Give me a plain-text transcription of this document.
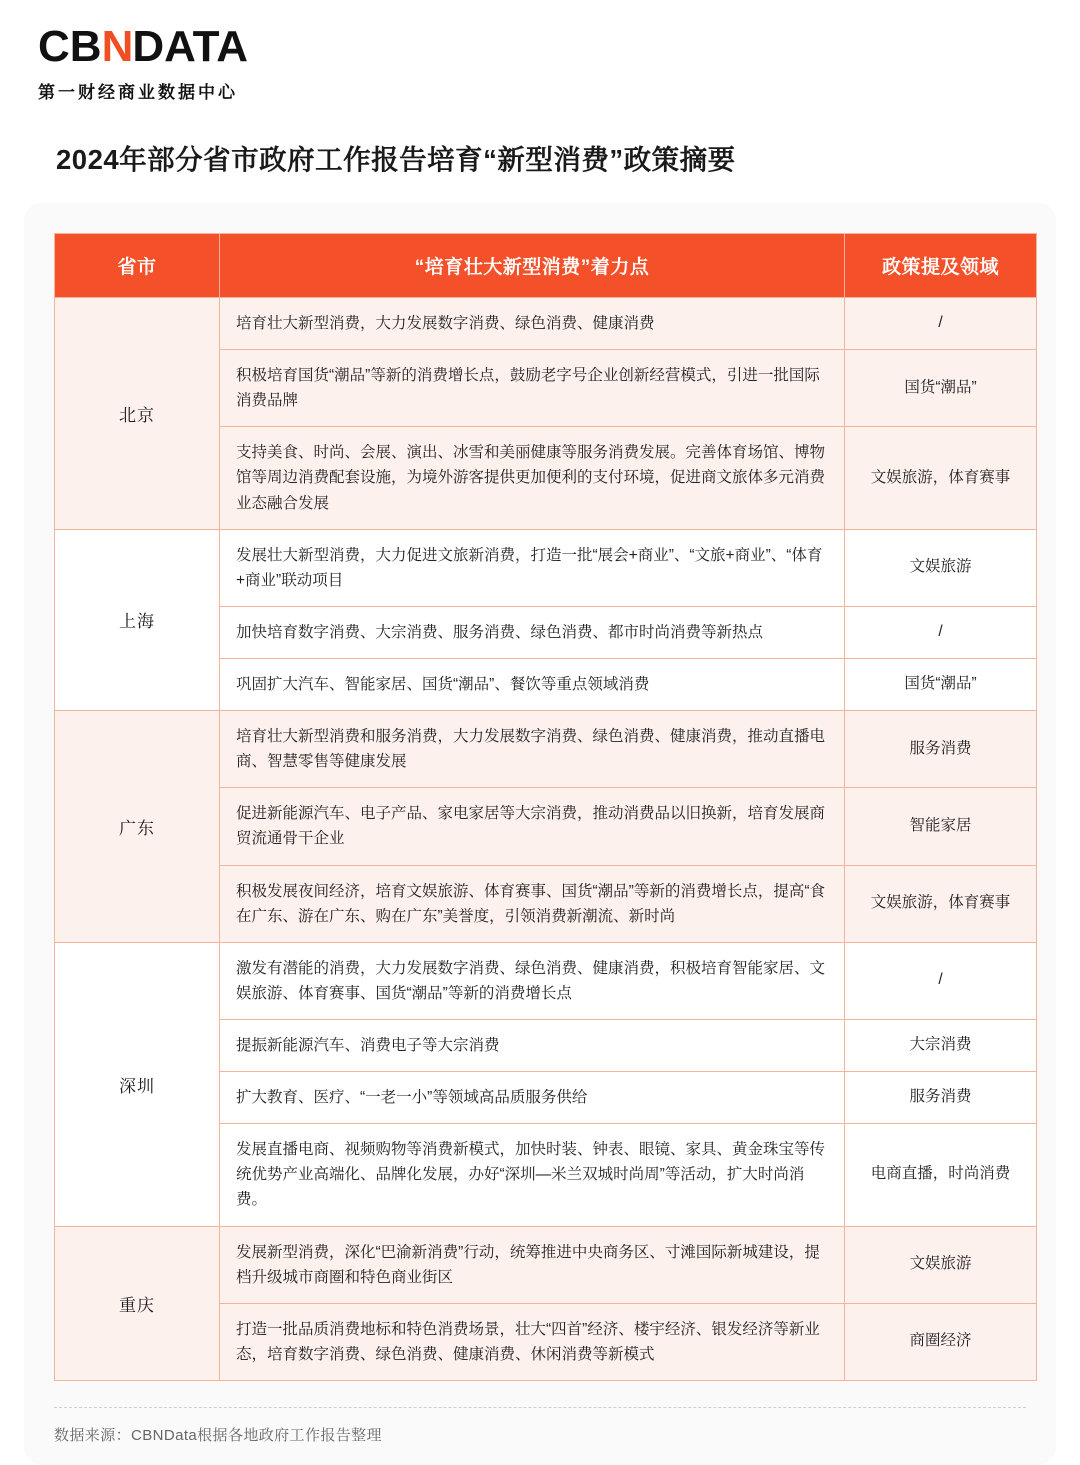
CB N DATA
第一财经商业数据中心
2024年部分省市政府工作报告培育“新型消费”政策摘要
省市	“培育壮大新型消费”着力点	政策提及领域
北京	培育壮大新型消费，大力发展数字消费、绿色消费、健康消费	/
	积极培育国货“潮品”等新的消费增长点，鼓励老字号企业创新经营模式，引进一批国际消费品牌	国货“潮品”
	支持美食、时尚、会展、演出、冰雪和美丽健康等服务消费发展。完善体育场馆、博物馆等周边消费配套设施，为境外游客提供更加便利的支付环境，促进商文旅体多元消费业态融合发展	文娱旅游，体育赛事
上海	发展壮大新型消费，大力促进文旅新消费，打造一批“展会+商业”、“文旅+商业”、“体育+商业”联动项目	文娱旅游
	加快培育数字消费、大宗消费、服务消费、绿色消费、都市时尚消费等新热点	/
	巩固扩大汽车、智能家居、国货“潮品”、餐饮等重点领域消费	国货“潮品”
广东	培育壮大新型消费和服务消费，大力发展数字消费、绿色消费、健康消费，推动直播电商、智慧零售等健康发展	服务消费
	促进新能源汽车、电子产品、家电家居等大宗消费，推动消费品以旧换新，培育发展商贸流通骨干企业	智能家居
	积极发展夜间经济，培育文娱旅游、体育赛事、国货“潮品”等新的消费增长点，提高“食在广东、游在广东、购在广东”美誉度，引领消费新潮流、新时尚	文娱旅游，体育赛事
深圳	激发有潜能的消费，大力发展数字消费、绿色消费、健康消费，积极培育智能家居、文娱旅游、体育赛事、国货“潮品”等新的消费增长点	/
	提振新能源汽车、消费电子等大宗消费	大宗消费
	扩大教育、医疗、“一老一小”等领域高品质服务供给	服务消费
	发展直播电商、视频购物等消费新模式，加快时装、钟表、眼镜、家具、黄金珠宝等传统优势产业高端化、品牌化发展，办好“深圳—米兰双城时尚周”等活动，扩大时尚消费。	电商直播，时尚消费
重庆	发展新型消费，深化“巴渝新消费”行动，统筹推进中央商务区、寸滩国际新城建设，提档升级城市商圈和特色商业街区	文娱旅游
	打造一批品质消费地标和特色消费场景，壮大“四首”经济、楼宇经济、银发经济等新业态，培育数字消费、绿色消费、健康消费、休闲消费等新模式	商圈经济
数据来源：CBNData根据各地政府工作报告整理
